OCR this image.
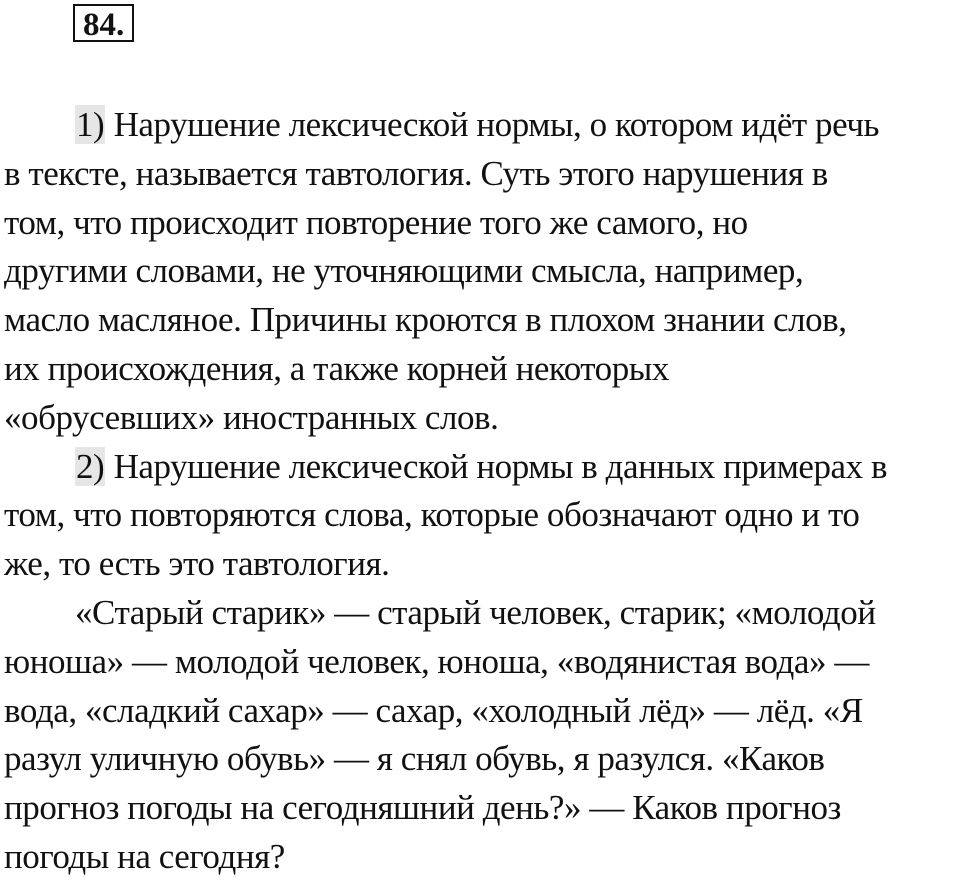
84.

1) Нарушение лексической нормы, о котором идёт речь
в тексте, называется тавтология. Суть этого нарушения в
том, что происходит повторение того же самого, но
другими словами, не уточняющими смысла, например,
масло масляное. Причины кроются в плохом знании слов,
их происхождения, а также корней некоторых
«обрусевших» иностранных слов.

2) Нарушение лексической нормы в данных примерах в
том, что повторяются слова, которые обозначают одно и то
же, то есть это тавтология.

«Старый старик» — старый человек, старик; «молодой
юноша» — молодой человек, юноша, «водянистая вода» —
вода, «сладкий сахар» — сахар, «холодный лёд» — лёд. «Я
разул уличную обувь» — я снял обувь, я разулся. «Каков
прогноз погоды на сегодняшний день?» — Каков прогноз
погоды на сегодня?
